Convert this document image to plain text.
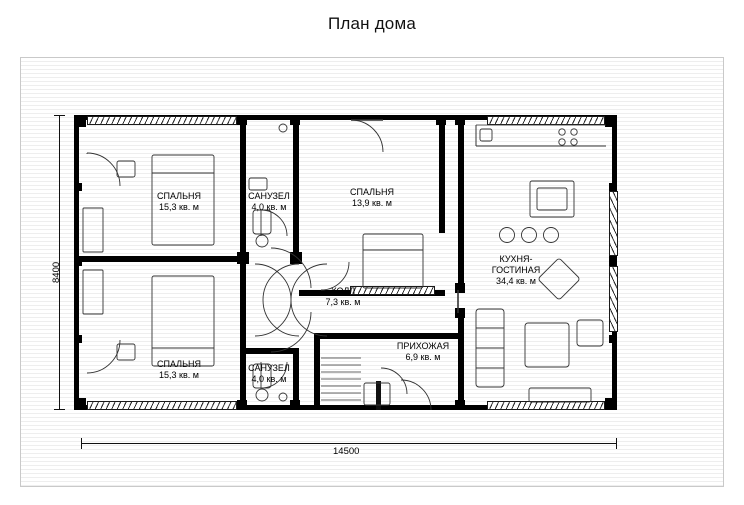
План дома
8400
14500
СПАЛЬНЯ
15,3 кв. м
САНУЗЕЛ
4,0 кв. м
СПАЛЬНЯ
13,9 кв. м
КУХНЯ-
ГОСТИНАЯ
34,4 кв. м
ХОЛЛ
7,3 кв. м
ПРИХОЖАЯ
6,9 кв. м
СПАЛЬНЯ
15,3 кв. м
САНУЗЕЛ
4,0 кв. м
